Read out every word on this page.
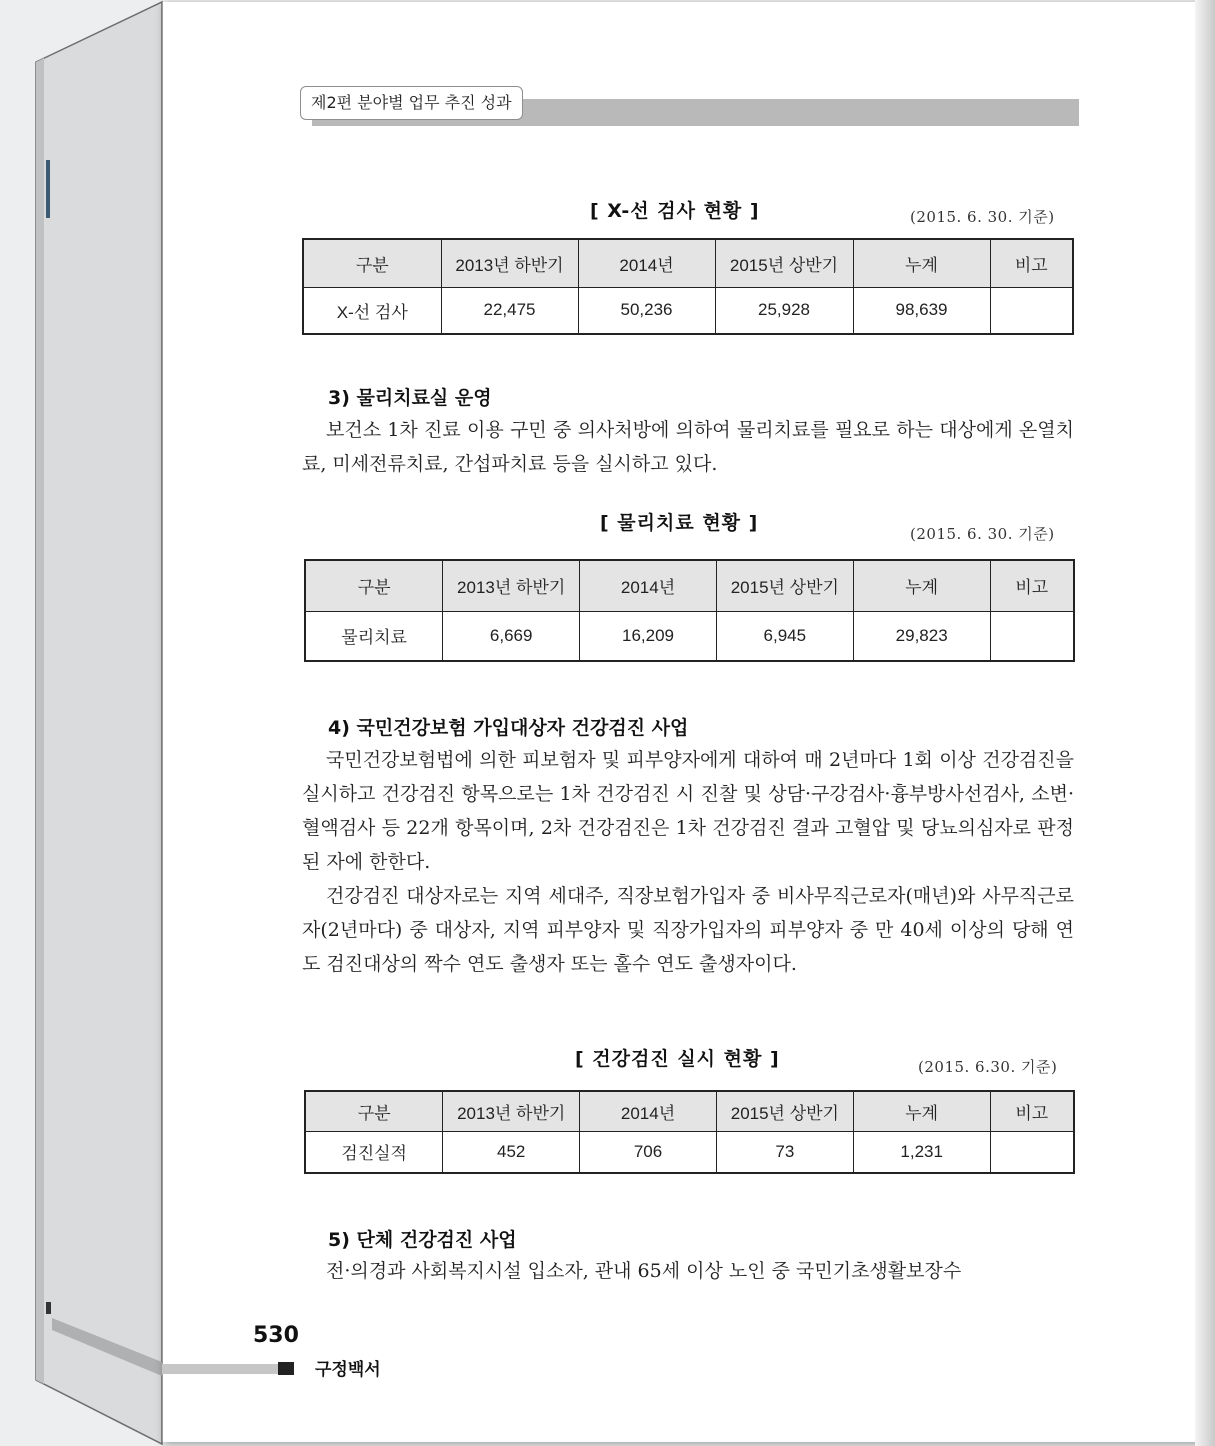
제2편 분야별 업무 추진 성과
[ X-선 검사 현황 ]	(2015. 6. 30. 기준)
구분	2013년 하반기	2014년	2015년 상반기	누계	비고
X-선 검사	22,475	50,236	25,928	98,639	
3) 물리치료실 운영

보건소 1차 진료 이용 구민 중 의사처방에 의하여 물리치료를 필요로 하는 대상에게 온열치료, 미세전류치료, 간섭파치료 등을 실시하고 있다.

[ 물리치료 현황 ]	(2015. 6. 30. 기준)
구분	2013년 하반기	2014년	2015년 상반기	누계	비고
물리치료	6,669	16,209	6,945	29,823	
4) 국민건강보험 가입대상자 건강검진 사업

국민건강보험법에 의한 피보험자 및 피부양자에게 대하여 매 2년마다 1회 이상 건강검진을 실시하고 건강검진 항목으로는 1차 건강검진 시 진찰 및 상담·구강검사·흉부방사선검사, 소변·혈액검사 등 22개 항목이며, 2차 건강검진은 1차 건강검진 결과 고혈압 및 당뇨의심자로 판정된 자에 한한다.

건강검진 대상자로는 지역 세대주, 직장보험가입자 중 비사무직근로자(매년)와 사무직근로자(2년마다) 중 대상자, 지역 피부양자 및 직장가입자의 피부양자 중 만 40세 이상의 당해 연도 검진대상의 짝수 연도 출생자 또는 홀수 연도 출생자이다.

[ 건강검진 실시 현황 ]	(2015. 6.30. 기준)
구분	2013년 하반기	2014년	2015년 상반기	누계	비고
검진실적	452	706	73	1,231	
5) 단체 건강검진 사업

전·의경과 사회복지시설 입소자, 관내 65세 이상 노인 중 국민기초생활보장수

530
구정백서
